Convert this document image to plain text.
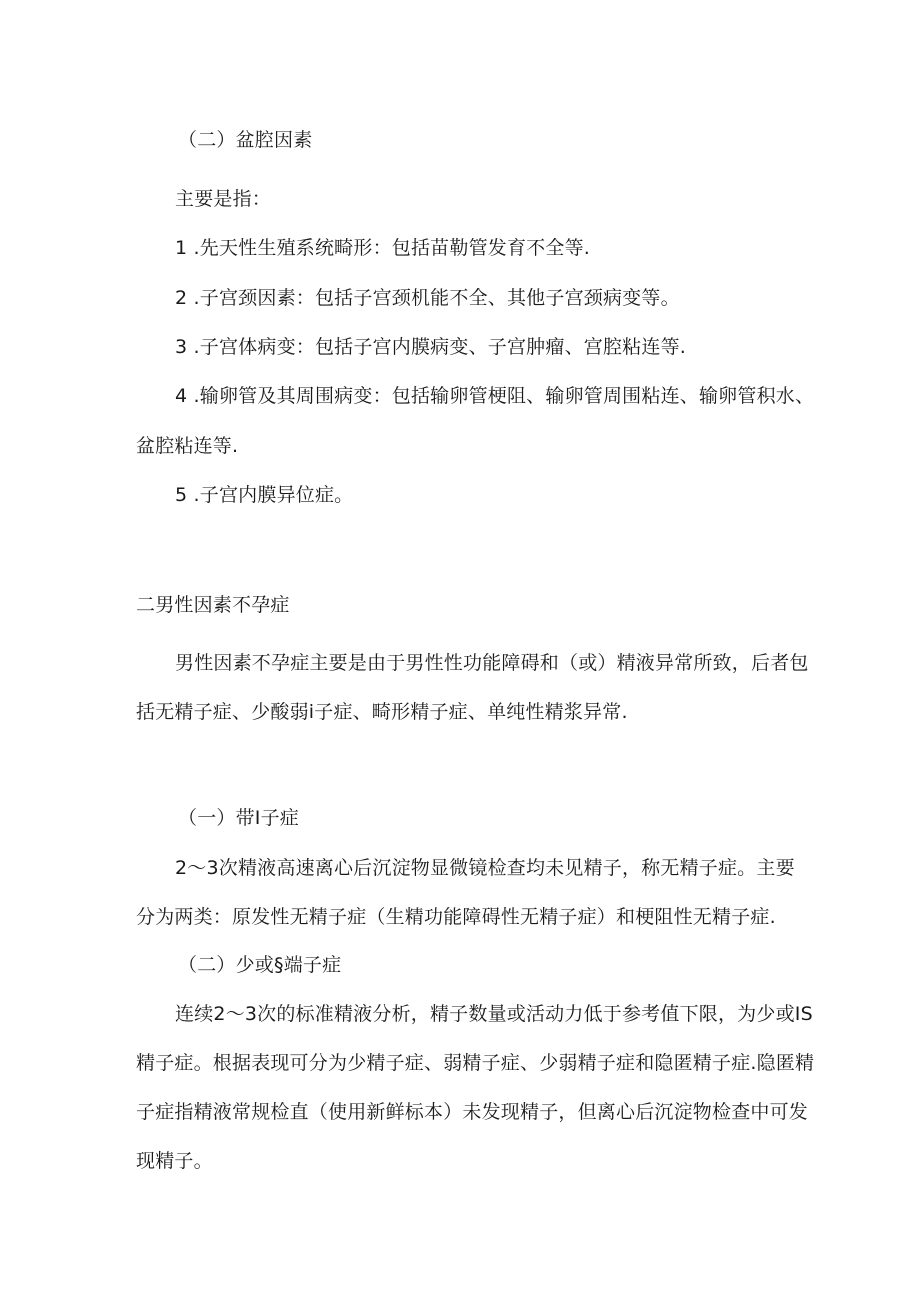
（二）盆腔因素
主要是指：
1 .先天性生殖系统畸形：包括苗勒管发育不全等.
2 .子宫颈因素：包括子宫颈机能不全、其他子宫颈病变等。
3 .子宫体病变：包括子宫内膜病变、子宫肿瘤、宫腔粘连等.
4 .输卵管及其周围病变：包括输卵管梗阻、输卵管周围粘连、输卵管积水、
盆腔粘连等.
5 .子宫内膜异位症。
二男性因素不孕症
男性因素不孕症主要是由于男性性功能障碍和（或）精液异常所致，后者包
括无精子症、少酸弱i子症、畸形精子症、单纯性精浆异常.
（一）带I子症
2～3次精液高速离心后沉淀物显微镜检查均未见精子，称无精子症。主要
分为两类：原发性无精子症（生精功能障碍性无精子症）和梗阻性无精子症.
（二）少或§端子症
连续2～3次的标准精液分析，精子数量或活动力低于参考值下限，为少或IS
精子症。根据表现可分为少精子症、弱精子症、少弱精子症和隐匿精子症.隐匿精
子症指精液常规检直（使用新鲜标本）未发现精子，但离心后沉淀物检查中可发
现精子。
